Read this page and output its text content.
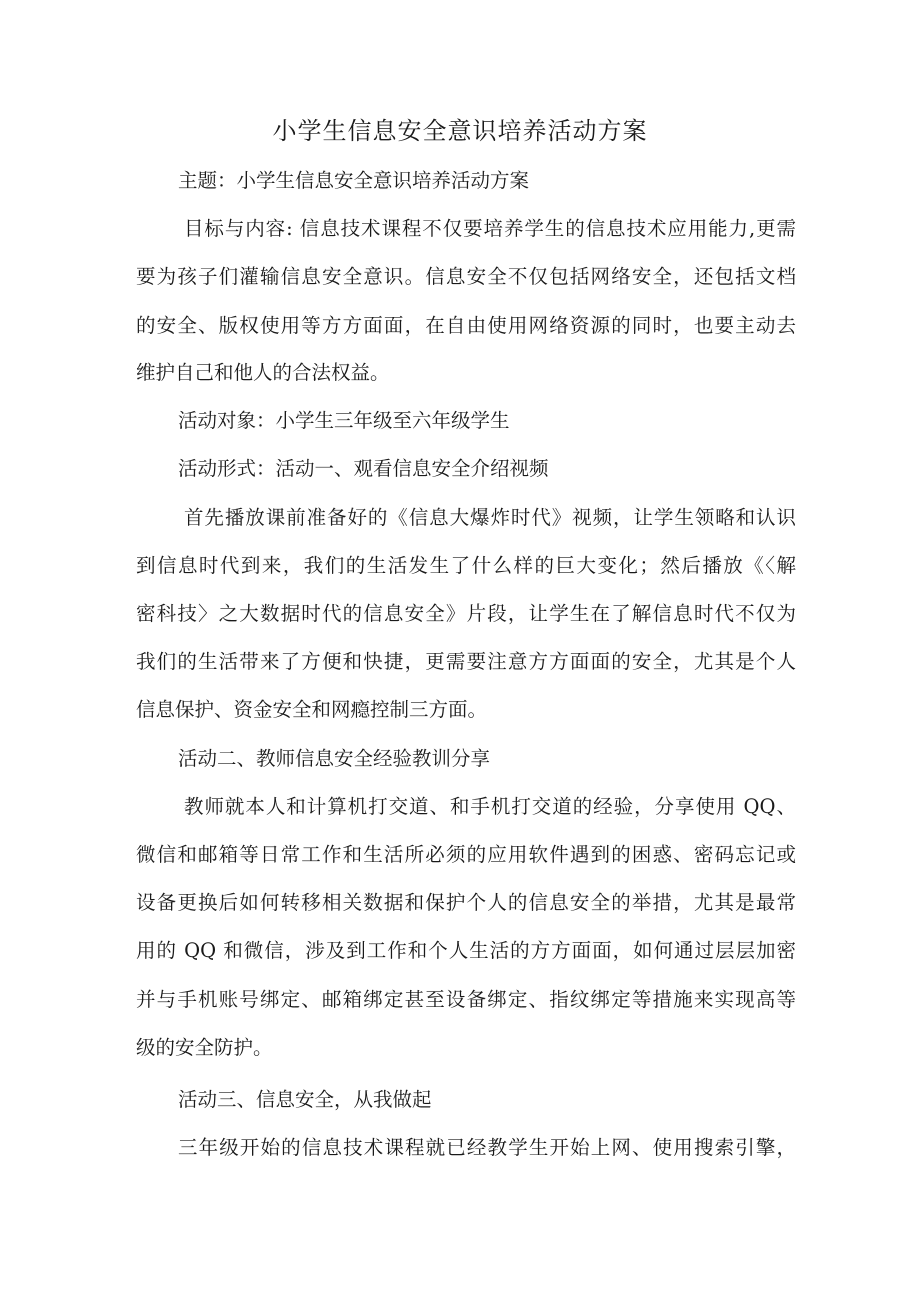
小学生信息安全意识培养活动方案
主题：小学生信息安全意识培养活动方案
目标与内容: 信息技术课程不仅要培养学生的信息技术应用能力,更需
要为孩子们灌输信息安全意识。信息安全不仅包括网络安全，还包括文档
的安全、版权使用等方方面面，在自由使用网络资源的同时，也要主动去
维护自己和他人的合法权益。
活动对象：小学生三年级至六年级学生
活动形式：活动一、观看信息安全介绍视频
首先播放课前准备好的《信息大爆炸时代》视频，让学生领略和认识
到信息时代到来，我们的生活发生了什么样的巨大变化；然后播放《〈解
密科技〉之大数据时代的信息安全》片段，让学生在了解信息时代不仅为
我们的生活带来了方便和快捷，更需要注意方方面面的安全，尤其是个人
信息保护、资金安全和网瘾控制三方面。
活动二、教师信息安全经验教训分享
教师就本人和计算机打交道、和手机打交道的经验，分享使用 QQ、
微信和邮箱等日常工作和生活所必须的应用软件遇到的困惑、密码忘记或
设备更换后如何转移相关数据和保护个人的信息安全的举措，尤其是最常
用的 QQ 和微信，涉及到工作和个人生活的方方面面，如何通过层层加密
并与手机账号绑定、邮箱绑定甚至设备绑定、指纹绑定等措施来实现高等
级的安全防护。
活动三、信息安全，从我做起
三年级开始的信息技术课程就已经教学生开始上网、使用搜索引擎，
